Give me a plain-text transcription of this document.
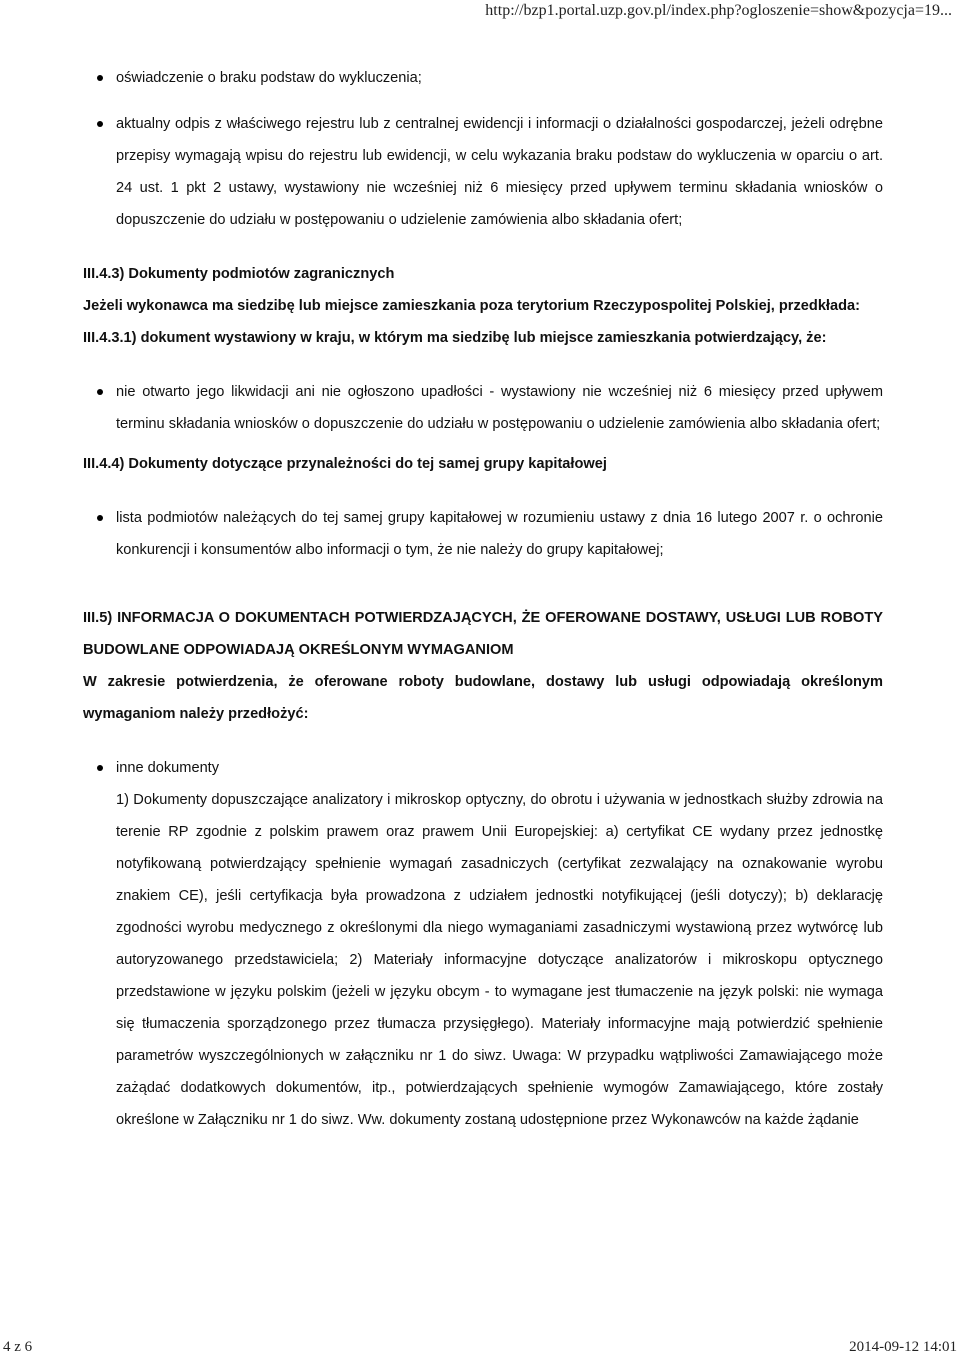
http://bzp1.portal.uzp.gov.pl/index.php?ogloszenie=show&pozycja=19...
oświadczenie o braku podstaw do wykluczenia;
aktualny odpis z właściwego rejestru lub z centralnej ewidencji i informacji o działalności gospodarczej, jeżeli odrębne przepisy wymagają wpisu do rejestru lub ewidencji, w celu wykazania braku podstaw do wykluczenia w oparciu o art. 24 ust. 1 pkt 2 ustawy, wystawiony nie wcześniej niż 6 miesięcy przed upływem terminu składania wniosków o dopuszczenie do udziału w postępowaniu o udzielenie zamówienia albo składania ofert;
III.4.3) Dokumenty podmiotów zagranicznych
Jeżeli wykonawca ma siedzibę lub miejsce zamieszkania poza terytorium Rzeczypospolitej Polskiej, przedkłada:
III.4.3.1) dokument wystawiony w kraju, w którym ma siedzibę lub miejsce zamieszkania potwierdzający, że:
nie otwarto jego likwidacji ani nie ogłoszono upadłości - wystawiony nie wcześniej niż 6 miesięcy przed upływem terminu składania wniosków o dopuszczenie do udziału w postępowaniu o udzielenie zamówienia albo składania ofert;
III.4.4) Dokumenty dotyczące przynależności do tej samej grupy kapitałowej
lista podmiotów należących do tej samej grupy kapitałowej w rozumieniu ustawy z dnia 16 lutego 2007 r. o ochronie konkurencji i konsumentów albo informacji o tym, że nie należy do grupy kapitałowej;
III.5) INFORMACJA O DOKUMENTACH POTWIERDZAJĄCYCH, ŻE OFEROWANE DOSTAWY, USŁUGI LUB ROBOTY BUDOWLANE ODPOWIADAJĄ OKREŚLONYM WYMAGANIOM
W zakresie potwierdzenia, że oferowane roboty budowlane, dostawy lub usługi odpowiadają określonym wymaganiom należy przedłożyć:
inne dokumenty
1) Dokumenty dopuszczające analizatory i mikroskop optyczny, do obrotu i używania w jednostkach służby zdrowia na terenie RP zgodnie z polskim prawem oraz prawem Unii Europejskiej: a) certyfikat CE wydany przez jednostkę notyfikowaną potwierdzający spełnienie wymagań zasadniczych (certyfikat zezwalający na oznakowanie wyrobu znakiem CE), jeśli certyfikacja była prowadzona z udziałem jednostki notyfikującej (jeśli dotyczy); b) deklarację zgodności wyrobu medycznego z określonymi dla niego wymaganiami zasadniczymi wystawioną przez wytwórcę lub autoryzowanego przedstawiciela; 2) Materiały informacyjne dotyczące analizatorów i mikroskopu optycznego przedstawione w języku polskim (jeżeli w języku obcym - to wymagane jest tłumaczenie na język polski: nie wymaga się tłumaczenia sporządzonego przez tłumacza przysięgłego). Materiały informacyjne mają potwierdzić spełnienie parametrów wyszczególnionych w załączniku nr 1 do siwz. Uwaga: W przypadku wątpliwości Zamawiającego może zażądać dodatkowych dokumentów, itp., potwierdzających spełnienie wymogów Zamawiającego, które zostały określone w Załączniku nr 1 do siwz. Ww. dokumenty zostaną udostępnione przez Wykonawców na każde żądanie
4 z 6	2014-09-12 14:01
